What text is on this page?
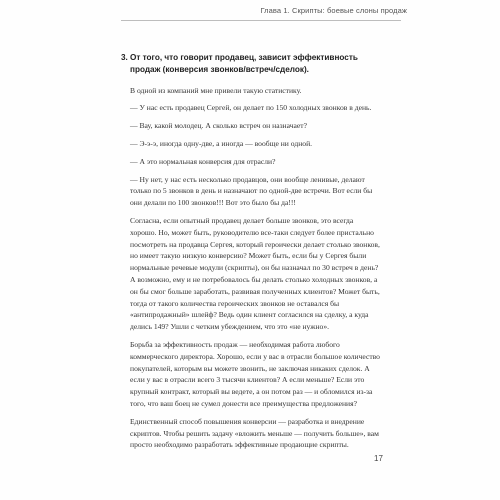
Глава 1. Скрипты: боевые слоны продаж
3. От того, что говорит продавец, зависит эффективность продаж (конверсия звонков/встреч/сделок).

В одной из компаний мне привели такую статистику.

— У нас есть продавец Сергей, он делает по 150 холодных звонков в день.

— Вау, какой молодец. А сколько встреч он назначает?

— Э-э-э, иногда одну-две, а иногда — вообще ни одной.

— А это нормальная конверсия для отрасли?

— Ну нет, у нас есть несколько продавцов, они вообще ленивые, делают только по 5 звонков в день и назначают по одной-две встречи. Вот если бы они делали по 100 звонков!!! Вот это было бы да!!!

Согласна, если опытный продавец делает больше звонков, это всегда хорошо. Но, может быть, руководителю все-таки следует более пристально посмотреть на продавца Сергея, который героически делает столько звонков, но имеет такую низкую конверсию? Может быть, если бы у Сергея были нормальные речевые модули (скрипты), он бы назначал по 30 встреч в день? А возможно, ему и не потребовалось бы делать столько холодных звонков, а он бы смог больше заработать, развивая полученных клиентов? Может быть, тогда от такого количества героических звонков не оставался бы «антипродажный» шлейф? Ведь один клиент согласился на сделку, а куда делись 149? Ушли с четким убеждением, что это «не нужно».

Борьба за эффективность продаж — необходимая работа любого коммерческого директора. Хорошо, если у вас в отрасли большое количество покупателей, которым вы можете звонить, не заключая никаких сделок. А если у вас в отрасли всего 3 тысячи клиентов? А если меньше? Если это крупный контракт, который вы ведете, а он потом раз — и обломился из-за того, что ваш боец не сумел донести все преимущества предложения?

Единственный способ повышения конверсии — разработка и внедрение скриптов. Чтобы решить задачу «вложить меньше — получить больше», вам просто необходимо разработать эффективные продающие скрипты.

17
